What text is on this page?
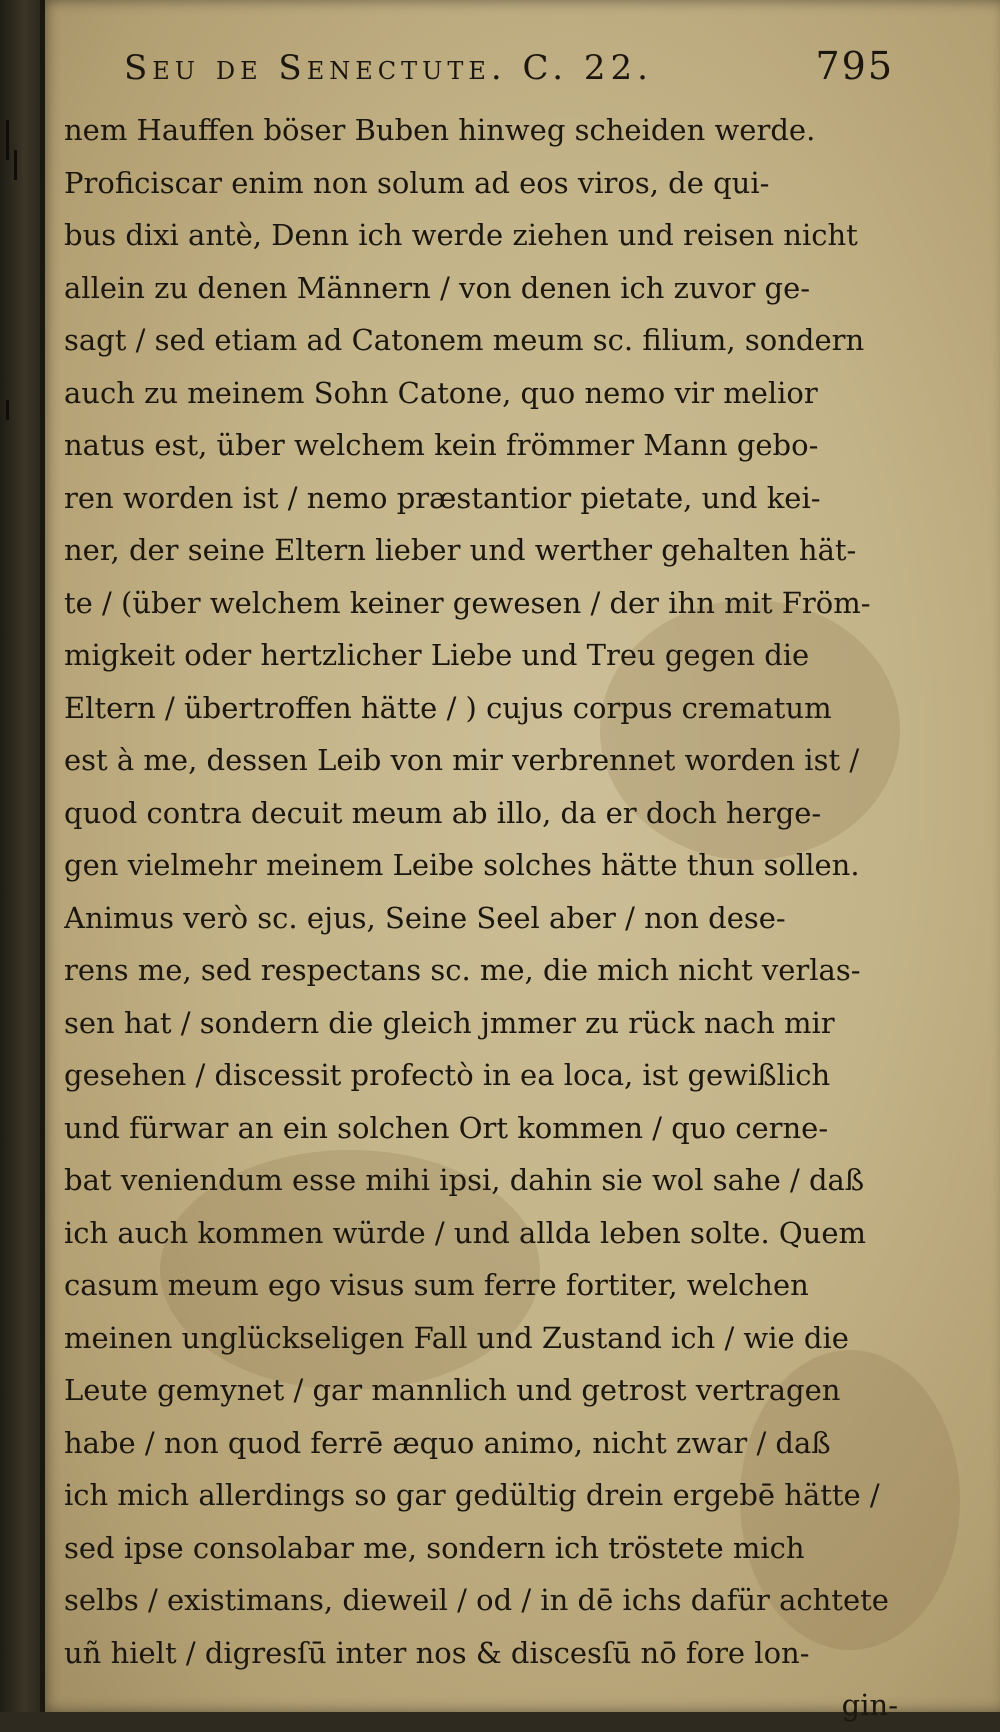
Seu de Senectute. C. 22.	795
nem Hauffen böser Buben hinweg scheiden werde.
Proficiscar enim non solum ad eos viros, de qui-
bus dixi antè, Denn ich werde ziehen und reisen nicht
allein zu denen Männern / von denen ich zuvor ge-
sagt / sed etiam ad Catonem meum sc. filium, sondern
auch zu meinem Sohn Catone, quo nemo vir melior
natus est, über welchem kein frömmer Mann gebo-
ren worden ist / nemo præstantior pietate, und kei-
ner, der seine Eltern lieber und werther gehalten hät-
te / (über welchem keiner gewesen / der ihn mit Fröm-
migkeit oder hertzlicher Liebe und Treu gegen die
Eltern / übertroffen hätte / ) cujus corpus crematum
est à me, dessen Leib von mir verbrennet worden ist /
quod contra decuit meum ab illo, da er doch herge-
gen vielmehr meinem Leibe solches hätte thun sollen.
Animus verò sc. ejus, Seine Seel aber / non dese-
rens me, sed respectans sc. me, die mich nicht verlas-
sen hat / sondern die gleich jmmer zu rück nach mir
gesehen / discessit profectò in ea loca, ist gewißlich
und fürwar an ein solchen Ort kommen / quo cerne-
bat veniendum esse mihi ipsi, dahin sie wol sahe / daß
ich auch kommen würde / und allda leben solte. Quem
casum meum ego visus sum ferre fortiter, welchen
meinen unglückseligen Fall und Zustand ich / wie die
Leute gemynet / gar mannlich und getrost vertragen
habe / non quod ferrē æquo animo, nicht zwar / daß
ich mich allerdings so gar gedültig drein ergebē hätte /
sed ipse consolabar me, sondern ich tröstete mich
selbs / existimans, dieweil / od / in dē ichs dafür achtete
uñ hielt / digresſū inter nos & discesſū nō fore lon-
gin-
